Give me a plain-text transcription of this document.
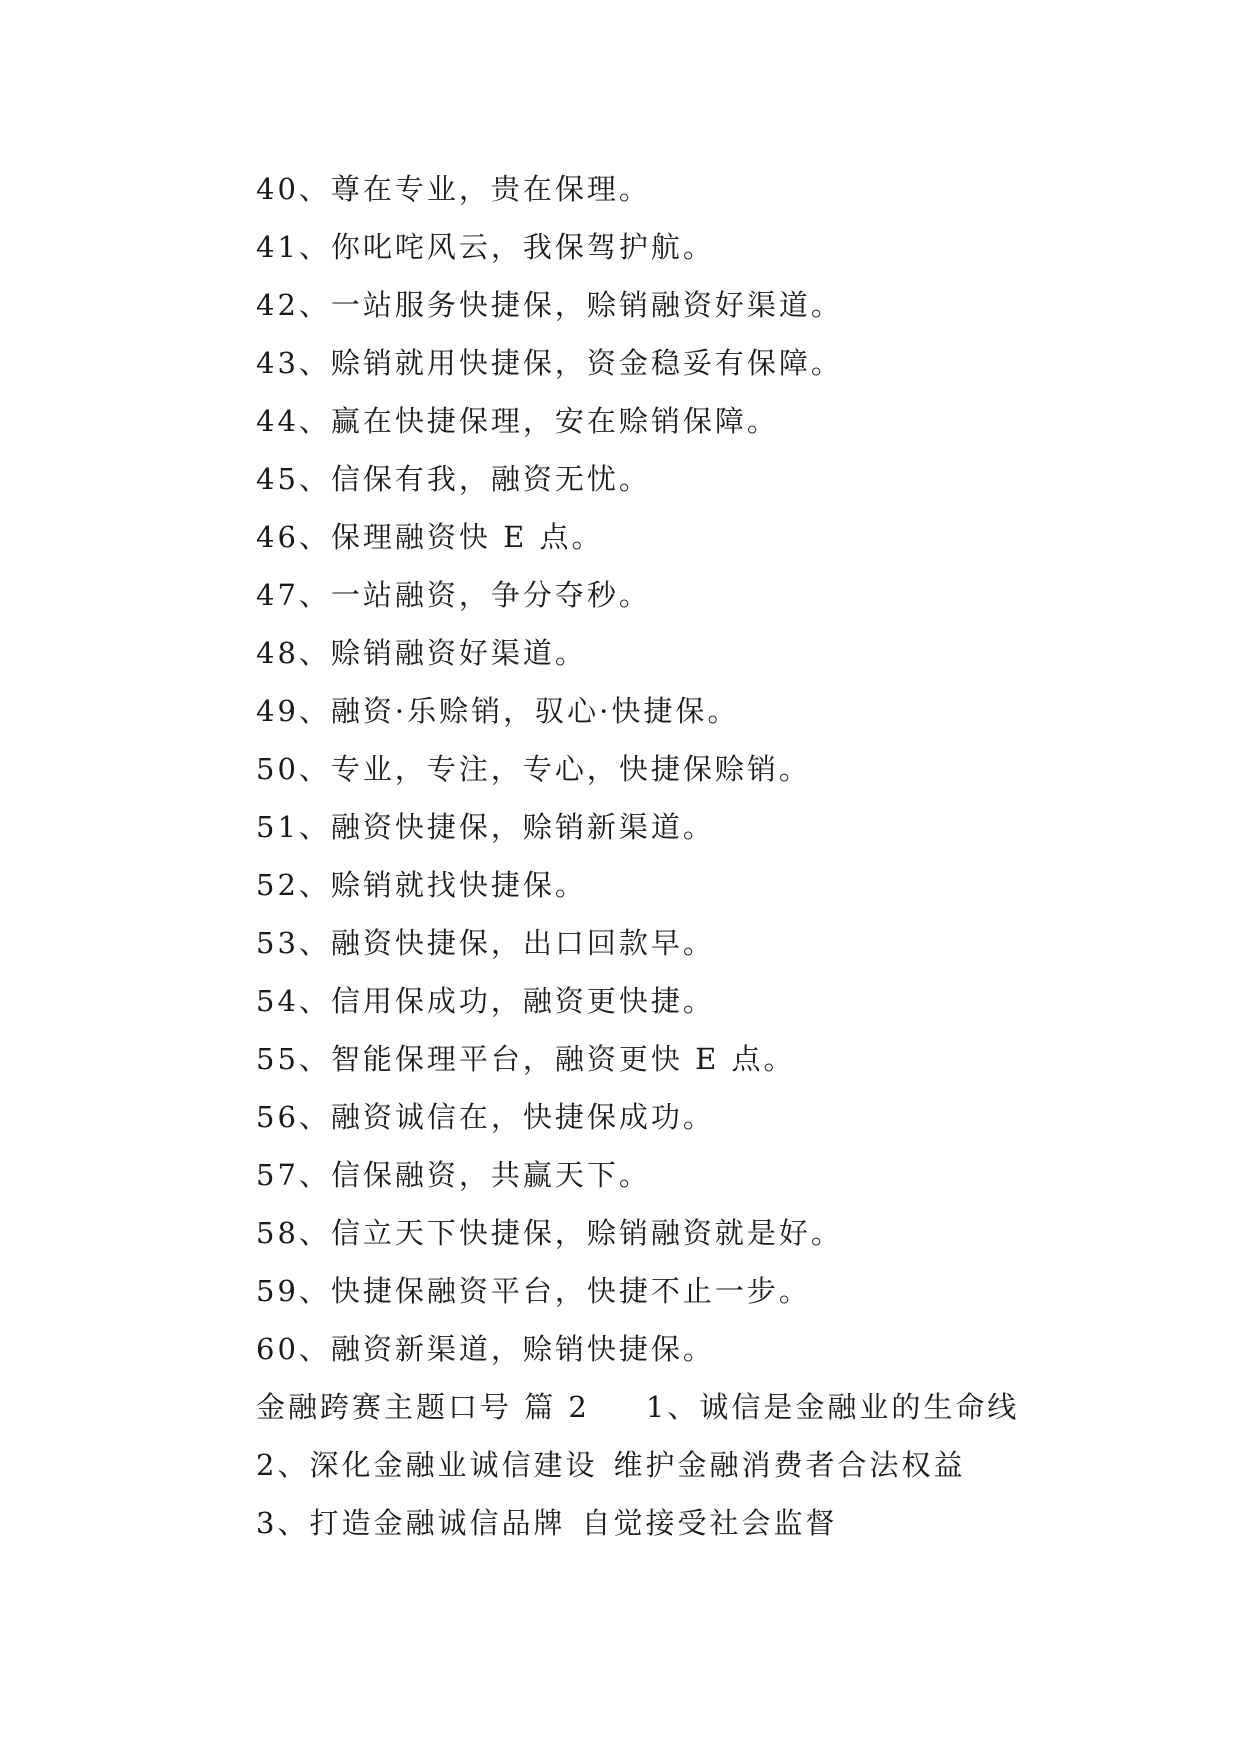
40、尊在专业，贵在保理。
41、你叱咤风云，我保驾护航。
42、一站服务快捷保，赊销融资好渠道。
43、赊销就用快捷保，资金稳妥有保障。
44、赢在快捷保理，安在赊销保障。
45、信保有我，融资无忧。
46、保理融资快 E 点。
47、一站融资，争分夺秒。
48、赊销融资好渠道。
49、融资·乐赊销，驭心·快捷保。
50、专业，专注，专心，快捷保赊销。
51、融资快捷保，赊销新渠道。
52、赊销就找快捷保。
53、融资快捷保，出口回款早。
54、信用保成功，融资更快捷。
55、智能保理平台，融资更快 E 点。
56、融资诚信在，快捷保成功。
57、信保融资，共赢天下。
58、信立天下快捷保，赊销融资就是好。
59、快捷保融资平台，快捷不止一步。
60、融资新渠道，赊销快捷保。
金融跨赛主题口号 篇 2 1、诚信是金融业的生命线
2、深化金融业诚信建设 维护金融消费者合法权益
3、打造金融诚信品牌 自觉接受社会监督
